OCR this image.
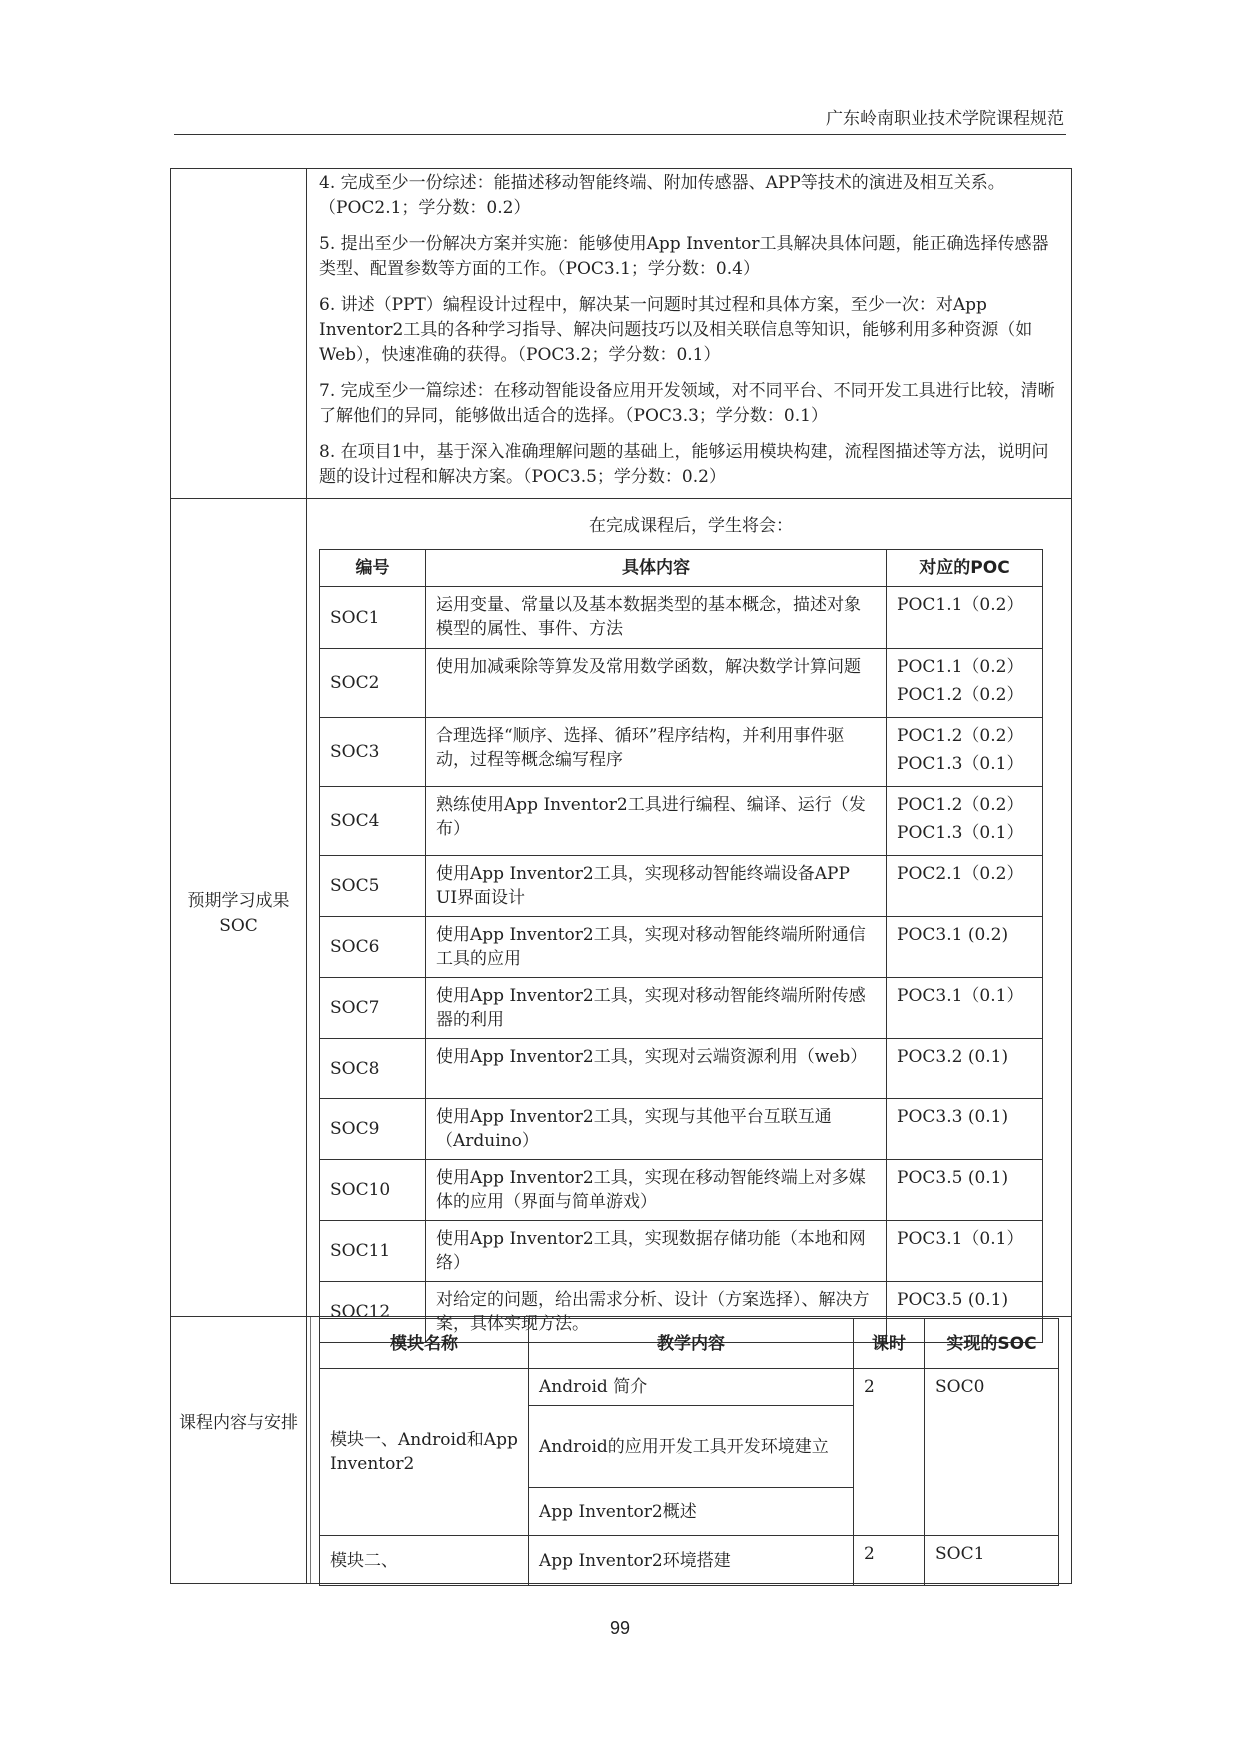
广东岭南职业技术学院课程规范

4. 完成至少一份综述：能描述移动智能终端、附加传感器、APP等技术的演进及相互关系。（POC2.1；学分数：0.2）

5. 提出至少一份解决方案并实施：能够使用App Inventor工具解决具体问题，能正确选择传感器类型、配置参数等方面的工作。（POC3.1；学分数：0.4）

6. 讲述（PPT）编程设计过程中，解决某一问题时其过程和具体方案，至少一次：对App Inventor2工具的各种学习指导、解决问题技巧以及相关联信息等知识，能够利用多种资源（如Web），快速准确的获得。（POC3.2；学分数：0.1）

7. 完成至少一篇综述：在移动智能设备应用开发领域，对不同平台、不同开发工具进行比较，清晰了解他们的异同，能够做出适合的选择。（POC3.3；学分数：0.1）

8. 在项目1中，基于深入准确理解问题的基础上，能够运用模块构建，流程图描述等方法，说明问题的设计过程和解决方案。（POC3.5；学分数：0.2）

预期学习成果
SOC
在完成课程后，学生将会：
编号	具体内容	对应的POC
SOC1	运用变量、常量以及基本数据类型的基本概念，描述对象模型的属性、事件、方法	POC1.1（0.2）

SOC2	使用加减乘除等算发及常用数学函数，解决数学计算问题	POC1.1（0.2）
POC1.2（0.2）

SOC3	合理选择“顺序、选择、循环”程序结构，并利用事件驱动，过程等概念编写程序	POC1.2（0.2）
POC1.3（0.1）

SOC4	熟练使用App Inventor2工具进行编程、编译、运行（发布）	POC1.2（0.2）
POC1.3（0.1）

SOC5	使用App Inventor2工具，实现移动智能终端设备APP UI界面设计	POC2.1（0.2）

SOC6	使用App Inventor2工具，实现对移动智能终端所附通信工具的应用	POC3.1 (0.2)

SOC7	使用App Inventor2工具，实现对移动智能终端所附传感器的利用	POC3.1（0.1）

SOC8	使用App Inventor2工具，实现对云端资源利用（web）	POC3.2 (0.1)

SOC9	使用App Inventor2工具，实现与其他平台互联互通（Arduino）	POC3.3 (0.1)

SOC10	使用App Inventor2工具，实现在移动智能终端上对多媒体的应用（界面与简单游戏）	POC3.5 (0.1)

SOC11	使用App Inventor2工具，实现数据存储功能（本地和网络）	POC3.1（0.1）

SOC12	对给定的问题，给出需求分析、设计（方案选择）、解决方案，具体实现方法。	POC3.5 (0.1)
课程内容与安排
模块名称	教学内容	课时	实现的SOC
模块一、Android和App Inventor2	Android 简介	2	SOC0
	Android的应用开发工具开发环境建立		
	App Inventor2概述		
模块二、	App Inventor2环境搭建	2	SOC1
99
